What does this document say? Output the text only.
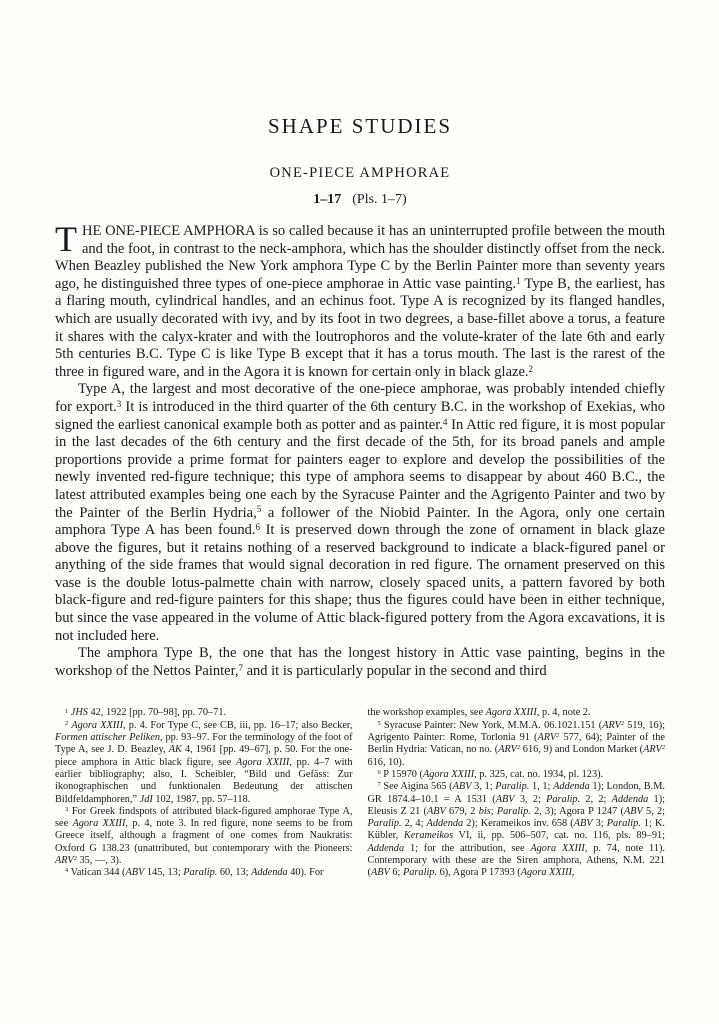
SHAPE STUDIES
ONE-PIECE AMPHORAE
1–17 (Pls. 1–7)

THE ONE-PIECE AMPHORA is so called because it has an uninterrupted profile between the mouth and the foot, in contrast to the neck-amphora, which has the shoulder distinctly offset from the neck. When Beazley published the New York amphora Type C by the Berlin Painter more than seventy years ago, he distinguished three types of one-piece amphorae in Attic vase painting.$^1$ Type B, the earliest, has a flaring mouth, cylindrical handles, and an echinus foot. Type A is recognized by its flanged handles, which are usually decorated with ivy, and by its foot in two degrees, a base-fillet above a torus, a feature it shares with the calyx-krater and with the loutrophoros and the volute-krater of the late 6th and early 5th centuries B.C. Type C is like Type B except that it has a torus mouth. The last is the rarest of the three in figured ware, and in the Agora it is known for certain only in black glaze.$^2$

Type A, the largest and most decorative of the one-piece amphorae, was probably intended chiefly for export.$^3$ It is introduced in the third quarter of the 6th century B.C. in the workshop of Exekias, who signed the earliest canonical example both as potter and as painter.$^4$ In Attic red figure, it is most popular in the last decades of the 6th century and the first decade of the 5th, for its broad panels and ample proportions provide a prime format for painters eager to explore and develop the possibilities of the newly invented red-figure technique; this type of amphora seems to disappear by about 460 B.C., the latest attributed examples being one each by the Syracuse Painter and the Agrigento Painter and two by the Painter of the Berlin Hydria,$^5$ a follower of the Niobid Painter. In the Agora, only one certain amphora Type A has been found.$^6$ It is preserved down through the zone of ornament in black glaze above the figures, but it retains nothing of a reserved background to indicate a black-figured panel or anything of the side frames that would signal decoration in red figure. The ornament preserved on this vase is the double lotus-palmette chain with narrow, closely spaced units, a pattern favored by both black-figure and red-figure painters for this shape; thus the figures could have been in either technique, but since the vase appeared in the volume of Attic black-figured pottery from the Agora excavations, it is not included here.

The amphora Type B, the one that has the longest history in Attic vase painting, begins in the workshop of the Nettos Painter,$^7$ and it is particularly popular in the second and third

$^1$ JHS 42, 1922 [pp. 70–98], pp. 70–71.

$^2$ Agora XXIII, p. 4. For Type C, see CB, iii, pp. 16–17; also Becker, Formen attischer Peliken, pp. 93–97. For the terminology of the foot of Type A, see J. D. Beazley, AK 4, 1961 [pp. 49–67], p. 50. For the one-piece amphora in Attic black figure, see Agora XXIII, pp. 4–7 with earlier bibliography; also, I. Scheibler, “Bild und Gefäss: Zur ikonographischen und funktionalen Bedeutung der attischen Bildfeldamphoren,” JdI 102, 1987, pp. 57–118.

$^3$ For Greek findspots of attributed black-figured amphorae Type A, see Agora XXIII, p. 4, note 3. In red figure, none seems to be from Greece itself, although a fragment of one comes from Naukratis: Oxford G 138.23 (unattributed, but contemporary with the Pioneers: ARV$^2$ 35, —, 3).

$^4$ Vatican 344 (ABV 145, 13; Paralip. 60, 13; Addenda 40). For

the workshop examples, see Agora XXIII, p. 4, note 2.

$^5$ Syracuse Painter: New York, M.M.A. 06.1021.151 (ARV$^2$ 519, 16); Agrigento Painter: Rome, Torlonia 91 (ARV$^2$ 577, 64); Painter of the Berlin Hydria: Vatican, no no. (ARV$^2$ 616, 9) and London Market (ARV$^2$ 616, 10).

$^6$ P 15970 (Agora XXIII, p. 325, cat. no. 1934, pl. 123).

$^7$ See Aigina 565 (ABV 3, 1; Paralip. 1, 1; Addenda 1); London, B.M. GR 1874.4–10.1 = A 1531 (ABV 3, 2; Paralip. 2, 2; Addenda 1); Eleusis Z 21 (ABV 679, 2 bis; Paralip. 2, 3); Agora P 1247 (ABV 5, 2; Paralip. 2, 4; Addenda 2); Kerameikos inv. 658 (ABV 3; Paralip. 1; K. Kübler, Kerameikos VI, ii, pp. 506–507, cat. no. 116, pls. 89–91; Addenda 1; for the attribution, see Agora XXIII, p. 74, note 11). Contemporary with these are the Siren amphora, Athens, N.M. 221 (ABV 6; Paralip. 6), Agora P 17393 (Agora XXIII,
